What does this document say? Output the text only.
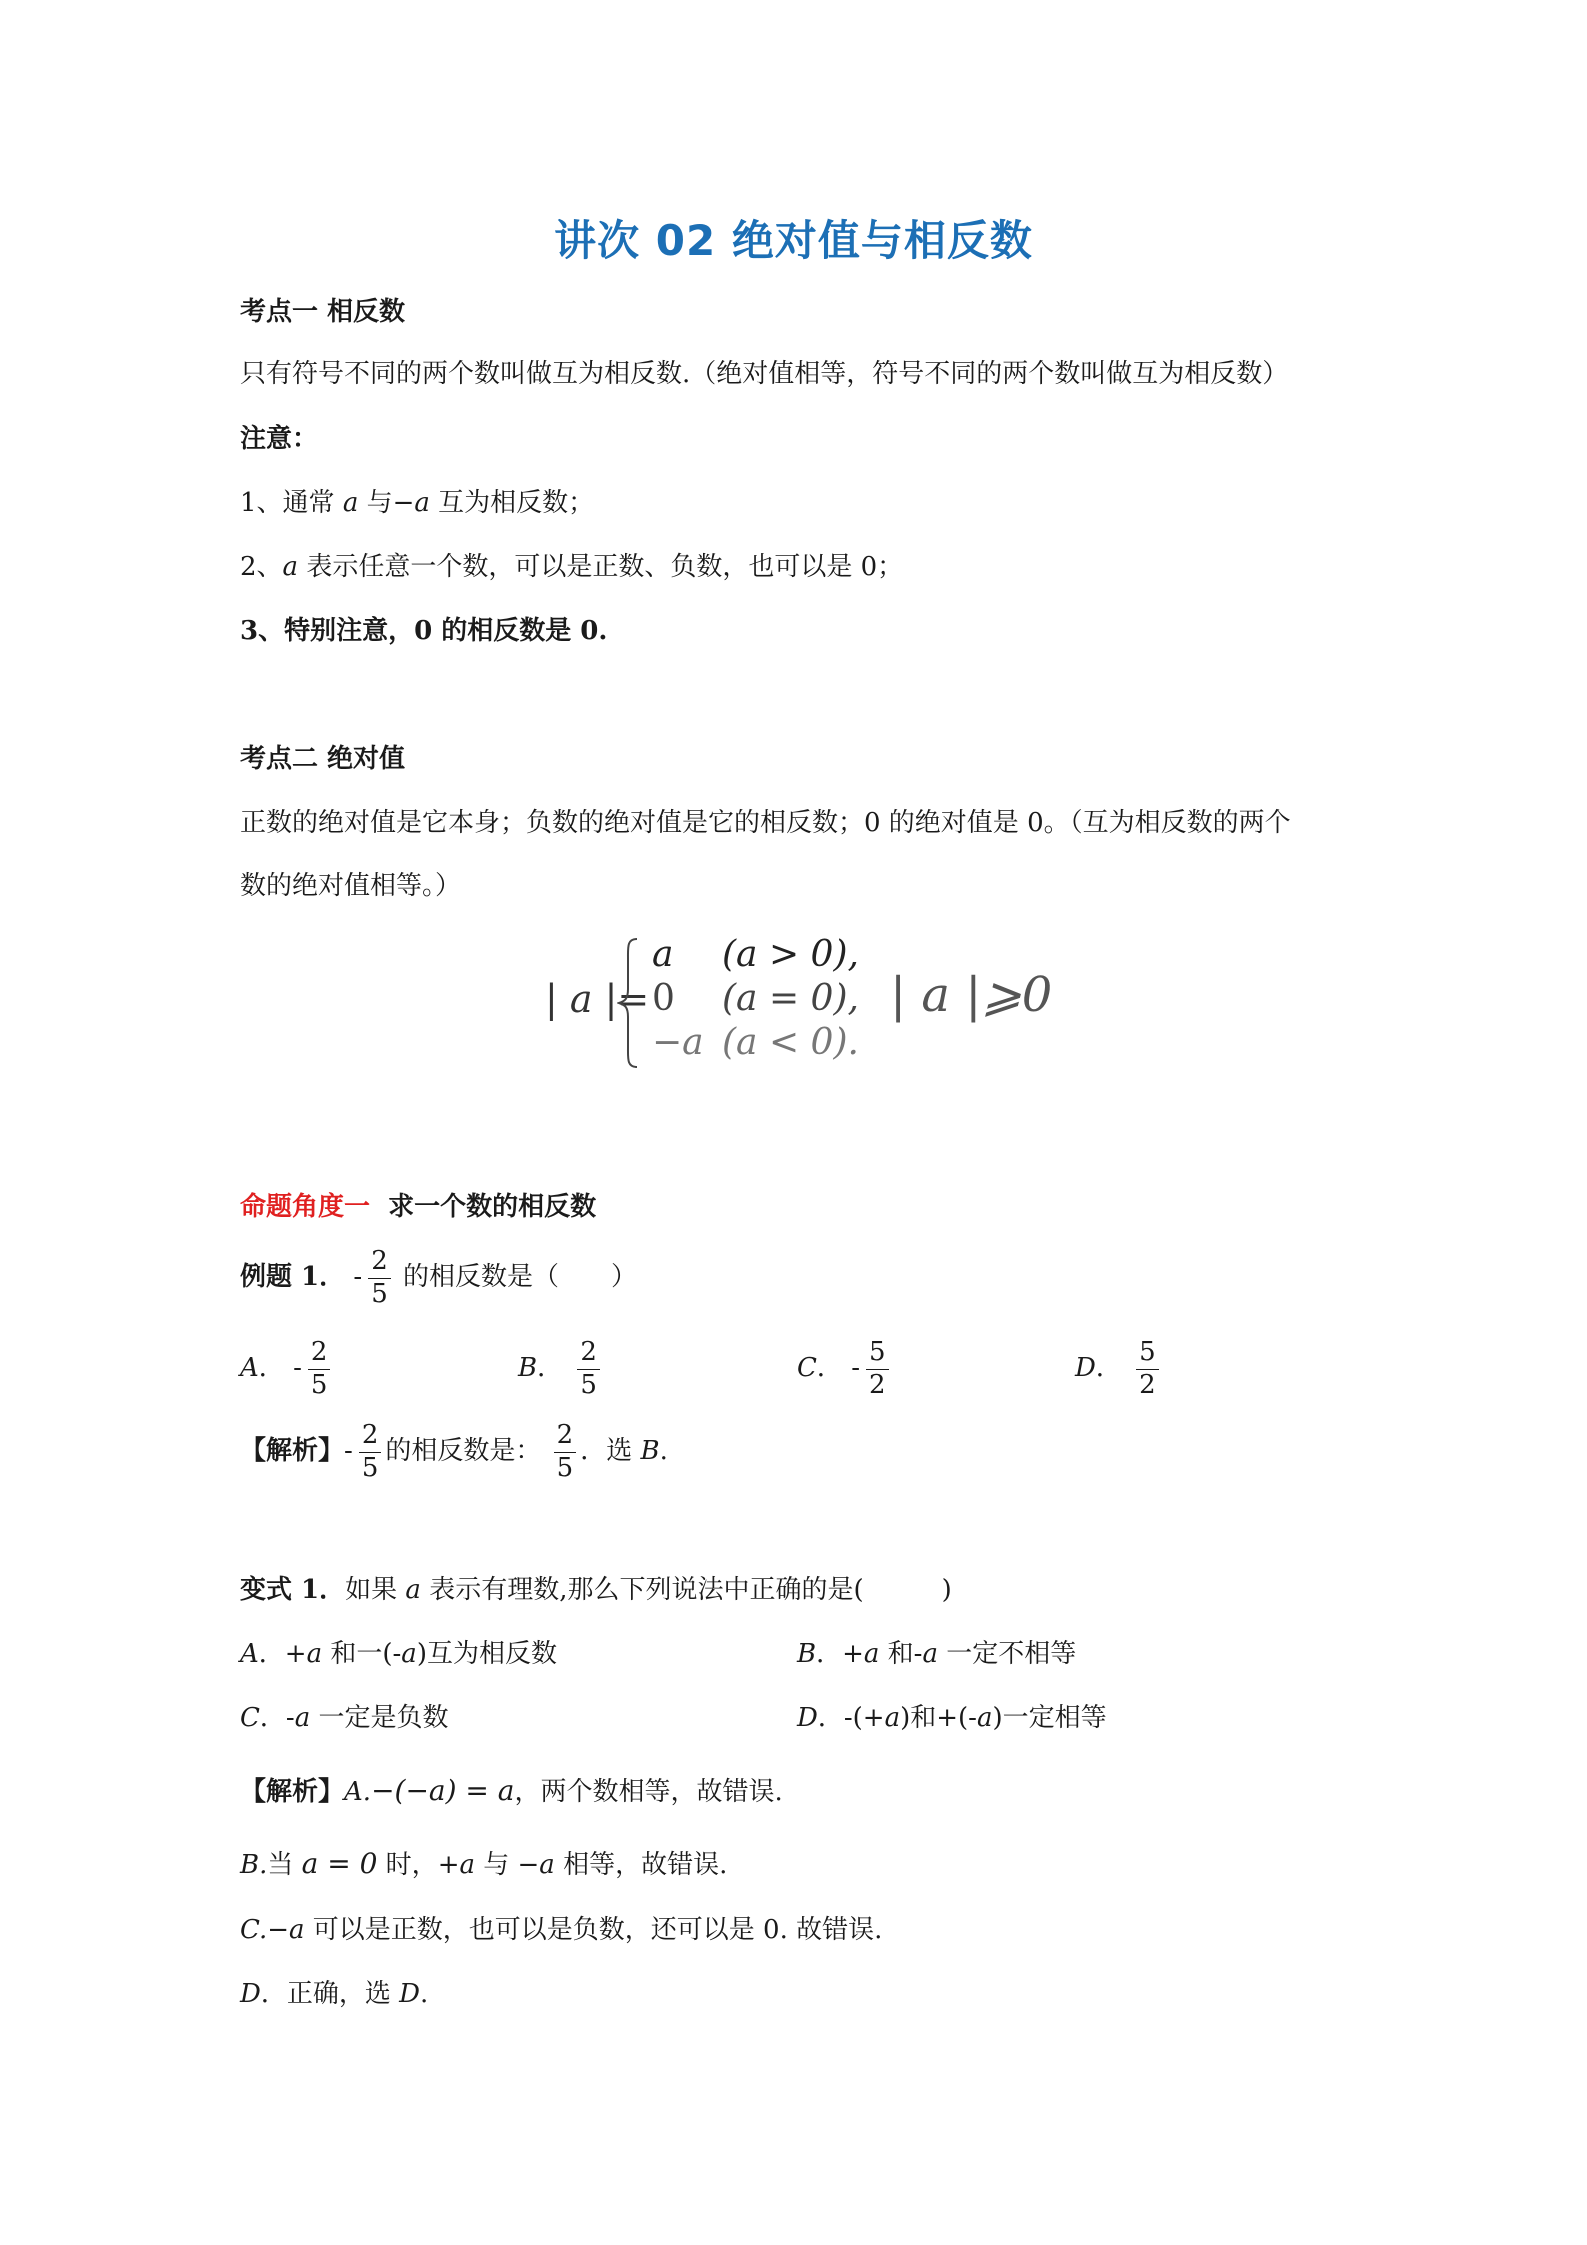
讲次 02 绝对值与相反数
考点一 相反数
只有符号不同的两个数叫做互为相反数.（绝对值相等，符号不同的两个数叫做互为相反数）
注意：
1、通常 a 与−a 互为相反数；
2、a 表示任意一个数，可以是正数、负数，也可以是 0；
3、特别注意，0 的相反数是 0.
考点二 绝对值
正数的绝对值是它本身；负数的绝对值是它的相反数；0 的绝对值是 0。（互为相反数的两个
数的绝对值相等。）
| a |=
a (a > 0),
0 (a = 0),
−a (a < 0).
| a |⩾0
命题角度一 求一个数的相反数
例题 1． - $\frac{2}{5}$ 的相反数是（　　）
A． - $\frac{2}{5}$	B． $\frac{2}{5}$	C． - $\frac{5}{2}$	D． $\frac{5}{2}$
【解析】- $\frac{2}{5}$ 的相反数是： $\frac{2}{5}$ ．选 B.
变式 1．如果 a 表示有理数,那么下列说法中正确的是(　　　)
A．+a 和一(-a)互为相反数	B．+a 和-a 一定不相等
C．-a 一定是负数	D．-(+a)和+(-a)一定相等
【解析】A.−(−a) = a，两个数相等，故错误.
B.当 a = 0 时，+a 与 −a 相等，故错误.
C.−a 可以是正数，也可以是负数，还可以是 0. 故错误.
D．正确，选 D.
